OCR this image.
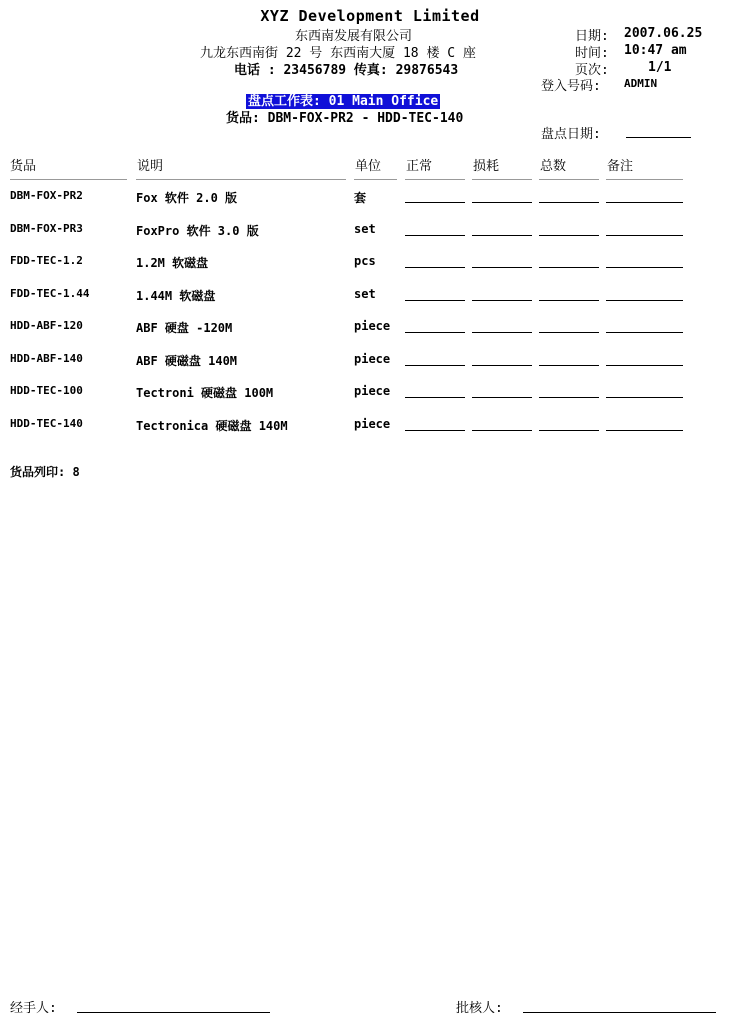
XYZ Development Limited
东西南发展有限公司
九龙东西南街 22 号 东西南大厦 18 楼 C 座
电话 : 23456789 传真: 29876543
日期: 2007.06.25
时间: 10:47 am
页次:	1/1
登入号码: ADMIN
盘点工作表: 01 Main Office
货品: DBM-FOX-PR2 - HDD-TEC-140
盘点日期:
货品	说明	单位 正常	损耗	总数	备注
DBM-FOX-PR2	Fox 软件 2.0 版	套
DBM-FOX-PR3	FoxPro 软件 3.0 版	set
FDD-TEC-1.2	1.2M 软磁盘	pcs
FDD-TEC-1.44	1.44M 软磁盘	set
HDD-ABF-120	ABF 硬盘 -120M	piece
HDD-ABF-140	ABF 硬磁盘 140M	piece
HDD-TEC-100	Tectroni 硬磁盘 100M	piece
HDD-TEC-140	Tectronica 硬磁盘 140M	piece
货品列印: 8
经手人:	批核人:
